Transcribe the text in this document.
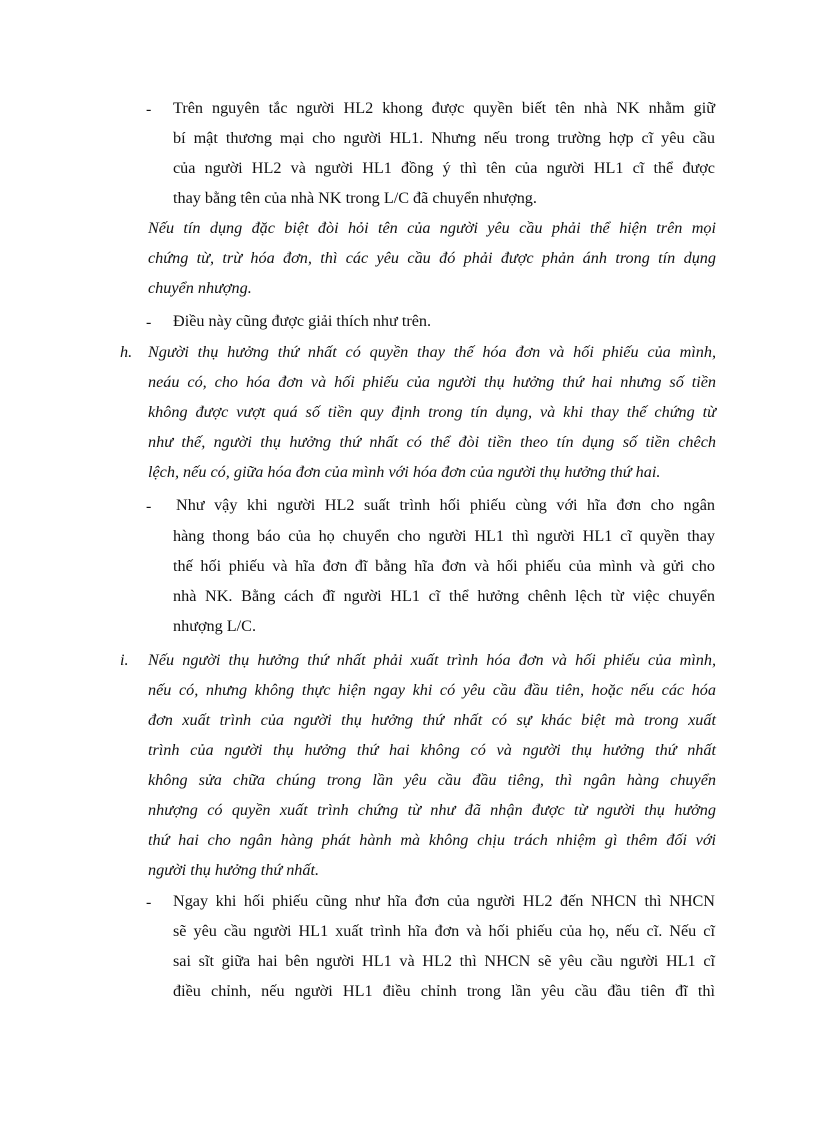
- Trên nguyên tắc người HL2 khong được quyền biết tên nhà NK nhằm giữ
bí mật thương mại cho người HL1. Nhưng nếu trong trường hợp cĩ yêu cầu
của người HL2 và người HL1 đồng ý thì tên của người HL1 cĩ thể được
thay bằng tên của nhà NK trong L/C đã chuyển nhượng.
Nếu tín dụng đặc biệt đòi hỏi tên của người yêu cầu phải thể hiện trên mọi
chứng từ, trừ hóa đơn, thì các yêu cầu đó phải được phản ánh trong tín dụng
chuyển nhượng.
- Điều này cũng được giải thích như trên.
h. Người thụ hưởng thứ nhất có quyền thay thế hóa đơn và hối phiếu của mình,
neáu có, cho hóa đơn và hối phiếu của người thụ hưởng thứ hai nhưng số tiền
không được vượt quá số tiền quy định trong tín dụng, và khi thay thế chứng từ
như thế, người thụ hưởng thứ nhất có thể đòi tiền theo tín dụng số tiền chêch
lệch, nếu có, giữa hóa đơn của mình với hóa đơn của người thụ hưởng thứ hai.
- Như vậy khi người HL2 suất trình hối phiếu cùng với hĩa đơn cho ngân
hàng thong báo của họ chuyển cho người HL1 thì người HL1 cĩ quyền thay
thế hối phiếu và hĩa đơn đĩ bằng hĩa đơn và hối phiếu của mình và gửi cho
nhà NK. Bằng cách đĩ người HL1 cĩ thể hưởng chênh lệch từ việc chuyển
nhượng L/C.
i. Nếu người thụ hưởng thứ nhất phải xuất trình hóa đơn và hối phiếu của mình,
nếu có, nhưng không thực hiện ngay khi có yêu cầu đầu tiên, hoặc nếu các hóa
đơn xuất trình của người thụ hưởng thứ nhất có sự khác biệt mà trong xuất
trình của người thụ hưởng thứ hai không có và người thụ hưởng thứ nhất
không sửa chữa chúng trong lần yêu cầu đầu tiêng, thì ngân hàng chuyển
nhượng có quyền xuất trình chứng từ như đã nhận được từ người thụ hưởng
thứ hai cho ngân hàng phát hành mà không chịu trách nhiệm gì thêm đối với
người thụ hưởng thứ nhất.
- Ngay khi hối phiếu cũng như hĩa đơn của người HL2 đến NHCN thì NHCN
sẽ yêu cầu người HL1 xuất trình hĩa đơn và hối phiếu của họ, nếu cĩ. Nếu cĩ
sai sĩt giữa hai bên người HL1 và HL2 thì NHCN sẽ yêu cầu người HL1 cĩ
điều chỉnh, nếu người HL1 điều chỉnh trong lần yêu cầu đầu tiên đĩ thì
